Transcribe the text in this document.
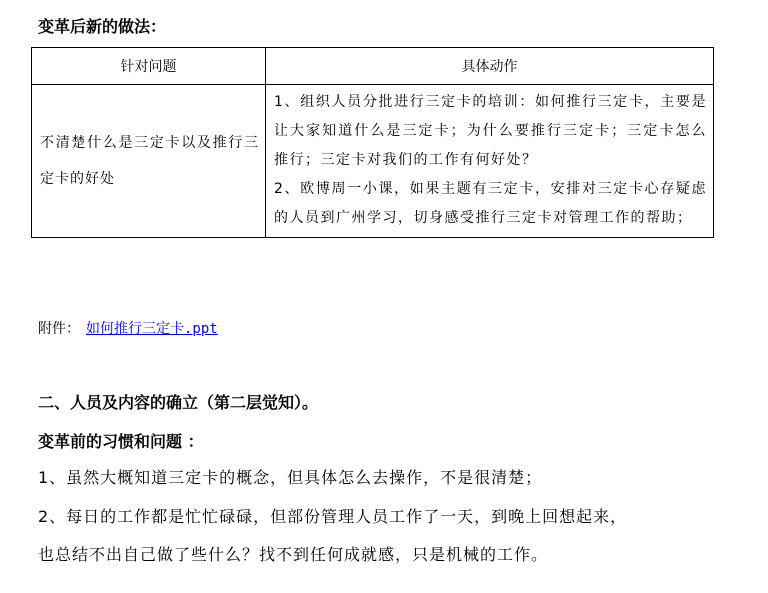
变革后新的做法：
针对问题	具体动作
不清楚什么是三定卡以及推行三定卡的好处	1、组织人员分批进行三定卡的培训：如何推行三定卡，主要是让大家知道什么是三定卡；为什么要推行三定卡；三定卡怎么推行；三定卡对我们的工作有何好处？

2、欧博周一小课，如果主题有三定卡，安排对三定卡心存疑虑的人员到广州学习，切身感受推行三定卡对管理工作的帮助；

附件： 如何推行三定卡.ppt
二、人员及内容的确立（第二层觉知）。
变革前的习惯和问题 ：
1、虽然大概知道三定卡的概念，但具体怎么去操作，不是很清楚；
2、每日的工作都是忙忙碌碌，但部份管理人员工作了一天，到晚上回想起来，
也总结不出自己做了些什么？找不到任何成就感，只是机械的工作。
